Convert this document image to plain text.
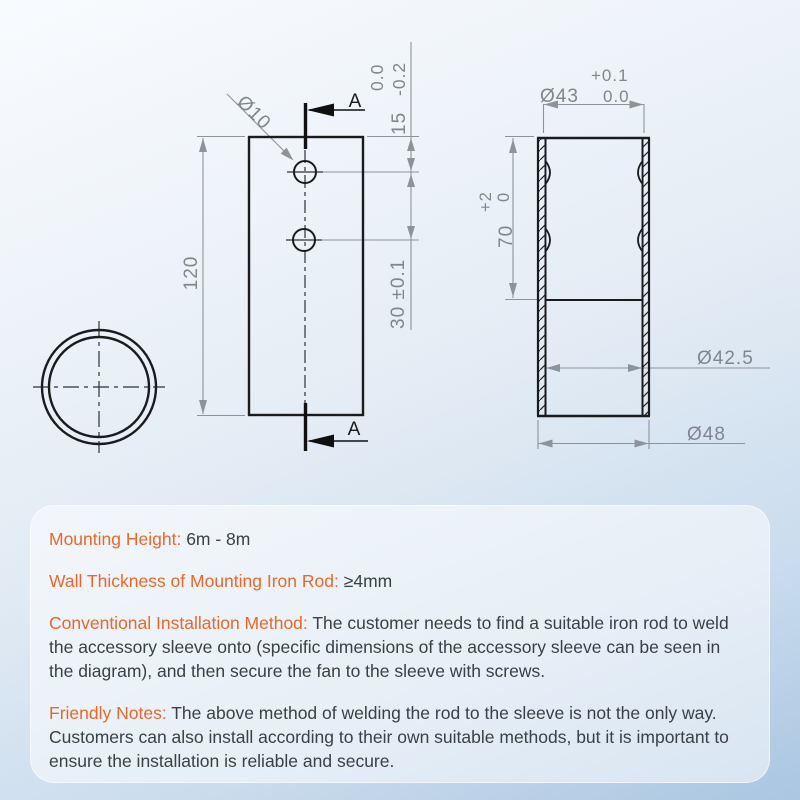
120
0.0 -0.2
15
30 ±0.1
Ø10	A
A
Ø43
+0.1
0.0
70
+2 0
Ø42.5
Ø48

Mounting Height: 6m - 8m

Wall Thickness of Mounting Iron Rod: ≥4mm

Conventional Installation Method: The customer needs to find a suitable iron rod to weld the accessory sleeve onto (specific dimensions of the accessory sleeve can be seen in the diagram), and then secure the fan to the sleeve with screws.

Friendly Notes: The above method of welding the rod to the sleeve is not the only way. Customers can also install according to their own suitable methods, but it is important to ensure the installation is reliable and secure.
